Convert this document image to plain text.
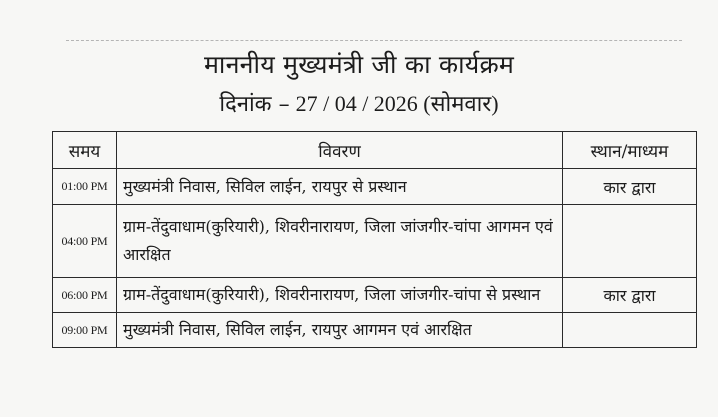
माननीय मुख्यमंत्री जी का कार्यक्रम
दिनांक – 27 / 04 / 2026 (सोमवार)
समय	विवरण	स्थान/माध्यम
01:00 PM	मुख्यमंत्री निवास, सिविल लाईन, रायपुर से प्रस्थान	कार द्वारा
04:00 PM	ग्राम-तेंदुवाधाम(कुरियारी), शिवरीनारायण, जिला जांजगीर-चांपा आगमन एवं आरक्षित	
06:00 PM	ग्राम-तेंदुवाधाम(कुरियारी), शिवरीनारायण, जिला जांजगीर-चांपा से प्रस्थान	कार द्वारा
09:00 PM	मुख्यमंत्री निवास, सिविल लाईन, रायपुर आगमन एवं आरक्षित	
